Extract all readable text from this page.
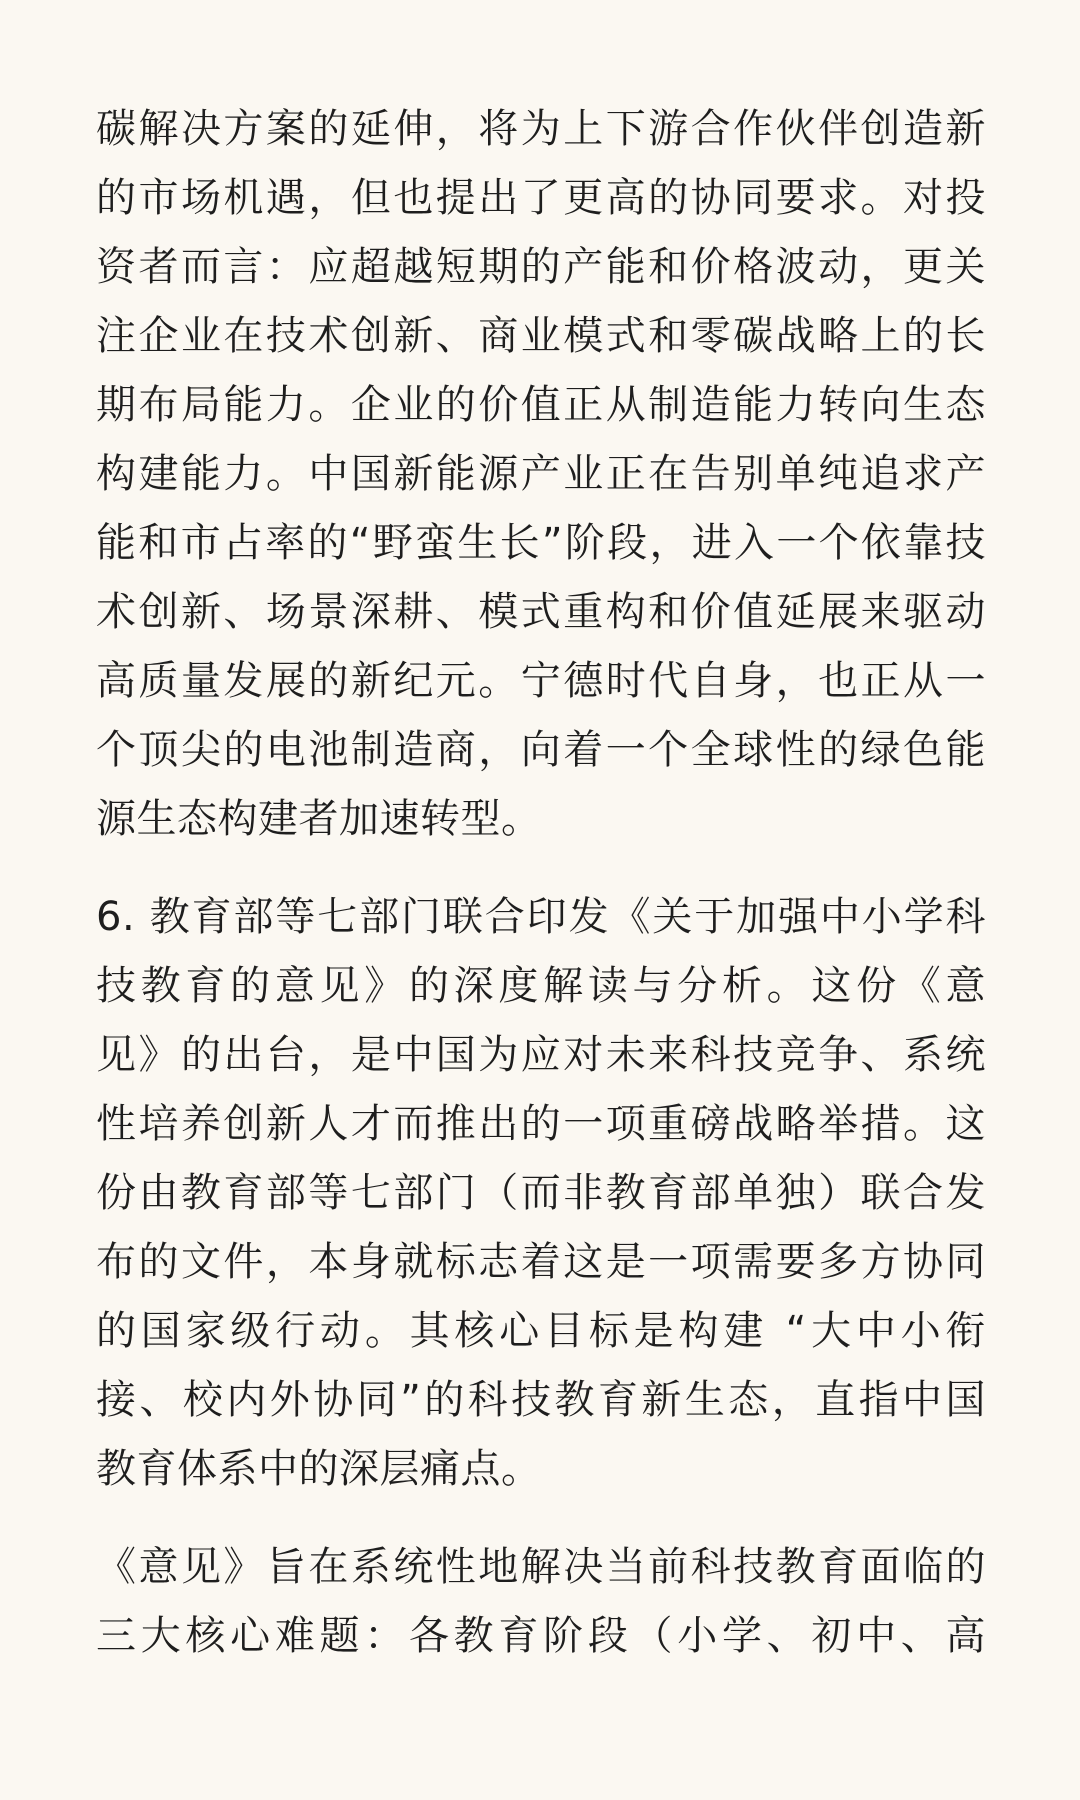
碳解决方案的延伸，将为上下游合作伙伴创造新
的市场机遇，但也提出了更高的协同要求。对投
资者而言：应超越短期的产能和价格波动，更关
注企业在技术创新、商业模式和零碳战略上的长
期布局能力。企业的价值正从制造能力转向生态
构建能力。中国新能源产业正在告别单纯追求产
能和市占率的“野蛮生长”阶段，进入一个依靠技
术创新、场景深耕、模式重构和价值延展来驱动
高质量发展的新纪元。宁德时代自身，也正从一
个顶尖的电池制造商，向着一个全球性的绿色能
源生态构建者加速转型。
6. 教育部等七部门联合印发《关于加强中小学科
技教育的意见》的深度解读与分析。这份《意
见》的出台，是中国为应对未来科技竞争、系统
性培养创新人才而推出的一项重磅战略举措。这
份由教育部等七部门（而非教育部单独）联合发
布的文件，本身就标志着这是一项需要多方协同
的国家级行动。其核心目标是构建 “大中小衔
接、校内外协同”的科技教育新生态，直指中国
教育体系中的深层痛点。
《意见》旨在系统性地解决当前科技教育面临的
三大核心难题：各教育阶段（小学、初中、高
